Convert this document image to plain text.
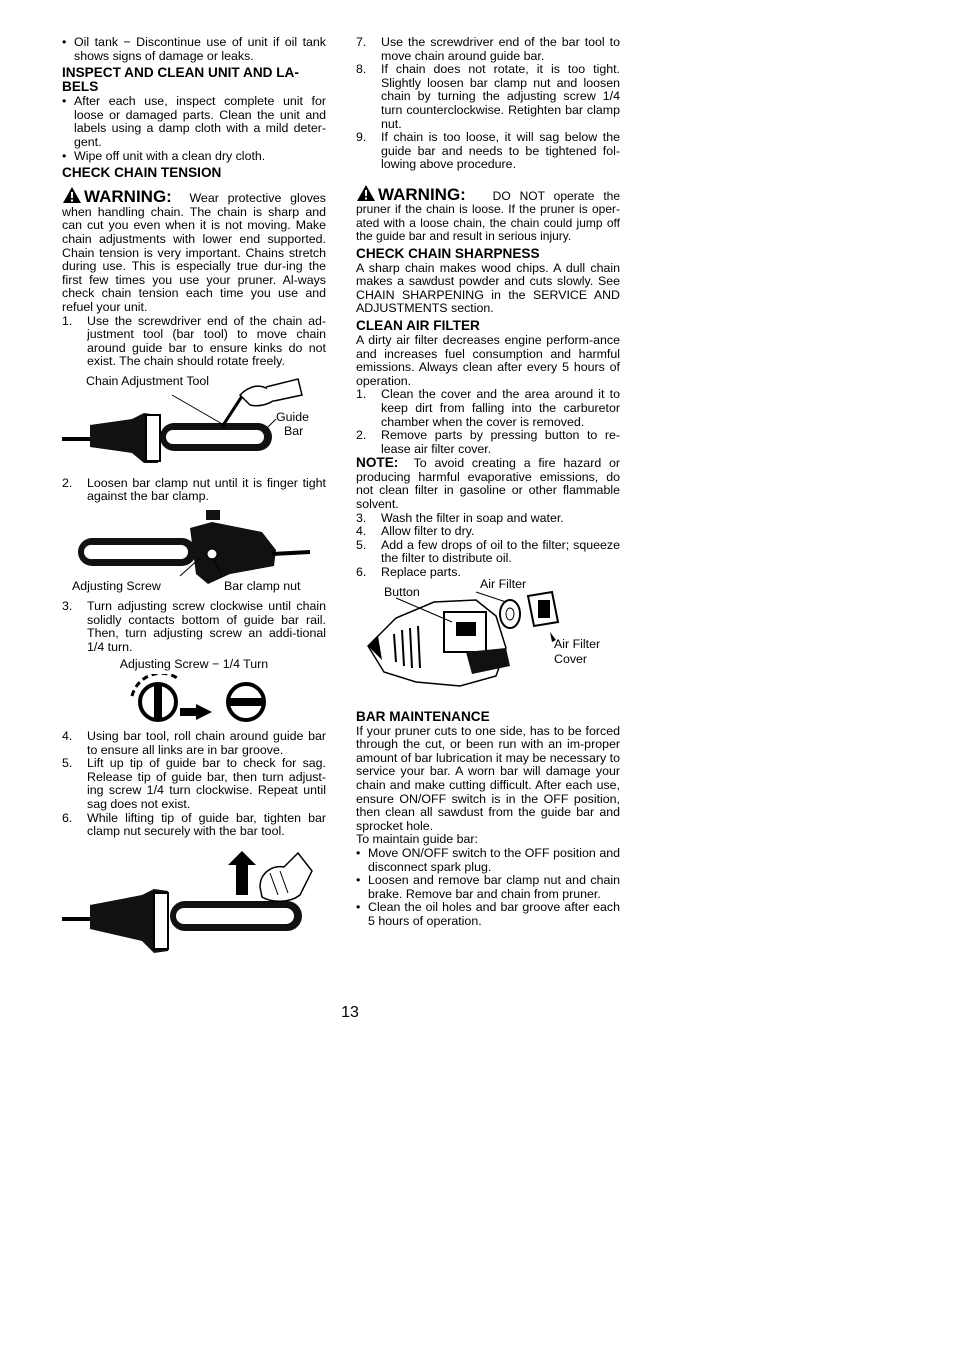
• Oil tank − Discontinue use of unit if oil tank shows signs of damage or leaks.
INSPECT AND CLEAN UNIT AND LA-BELS
• After each use, inspect complete unit for loose or damaged parts. Clean the unit and labels using a damp cloth with a mild deter-gent.
• Wipe off unit with a clean dry cloth.
CHECK CHAIN TENSION

WARNING: Wear protective gloves when handling chain. The chain is sharp and can cut you even when it is not moving. Make chain adjustments with lower end supported. Chain tension is very important. Chains stretch during use. This is especially true dur-ing the first few times you use your pruner. Al-ways check chain tension each time you use and refuel your unit.

1. Use the screwdriver end of the chain ad-justment tool (bar tool) to move chain around guide bar to ensure kinks do not exist. The chain should rotate freely.
Chain Adjustment Tool
Guide
Bar
2. Loosen bar clamp nut until it is finger tight against the bar clamp.
Adjusting Screw	Bar clamp nut
3. Turn adjusting screw clockwise until chain solidly contacts bottom of guide bar rail. Then, turn adjusting screw an addi-tional 1/4 turn.

Adjusting Screw − 1/4 Turn

4. Using bar tool, roll chain around guide bar to ensure all links are in bar groove.
5. Lift up tip of guide bar to check for sag. Release tip of guide bar, then turn adjust-ing screw 1/4 turn clockwise. Repeat until sag does not exist.
6. While lifting tip of guide bar, tighten bar clamp nut securely with the bar tool.
7. Use the screwdriver end of the bar tool to move chain around guide bar.
8. If chain does not rotate, it is too tight. Slightly loosen bar clamp nut and loosen chain by turning the adjusting screw 1/4 turn counterclockwise. Retighten bar clamp nut.
9. If chain is too loose, it will sag below the guide bar and needs to be tightened fol-lowing above procedure.

WARNING: DO NOT operate the pruner if the chain is loose. If the pruner is oper-ated with a loose chain, the chain could jump off the guide bar and result in serious injury.

CHECK CHAIN SHARPNESS

A sharp chain makes wood chips. A dull chain makes a sawdust powder and cuts slowly. See CHAIN SHARPENING in the SERVICE AND ADJUSTMENTS section.

CLEAN AIR FILTER

A dirty air filter decreases engine perform-ance and increases fuel consumption and harmful emissions. Always clean after every 5 hours of operation.

1. Clean the cover and the area around it to keep dirt from falling into the carburetor chamber when the cover is removed.
2. Remove parts by pressing button to re-lease air filter cover.

NOTE: To avoid creating a fire hazard or producing harmful evaporative emissions, do not clean filter in gasoline or other flammable solvent.

3. Wash the filter in soap and water.
4. Allow filter to dry.
5. Add a few drops of oil to the filter; squeeze the filter to distribute oil.
6. Replace parts.
Button
Air Filter
Air Filter
Cover
BAR MAINTENANCE

If your pruner cuts to one side, has to be forced through the cut, or been run with an im-proper amount of bar lubrication it may be necessary to service your bar. A worn bar will damage your chain and make cutting difficult. After each use, ensure ON/OFF switch is in the OFF position, then clean all sawdust from the guide bar and sprocket hole.

To maintain guide bar:

• Move ON/OFF switch to the OFF position and disconnect spark plug.
• Loosen and remove bar clamp nut and chain brake. Remove bar and chain from pruner.
• Clean the oil holes and bar groove after each 5 hours of operation.
13
